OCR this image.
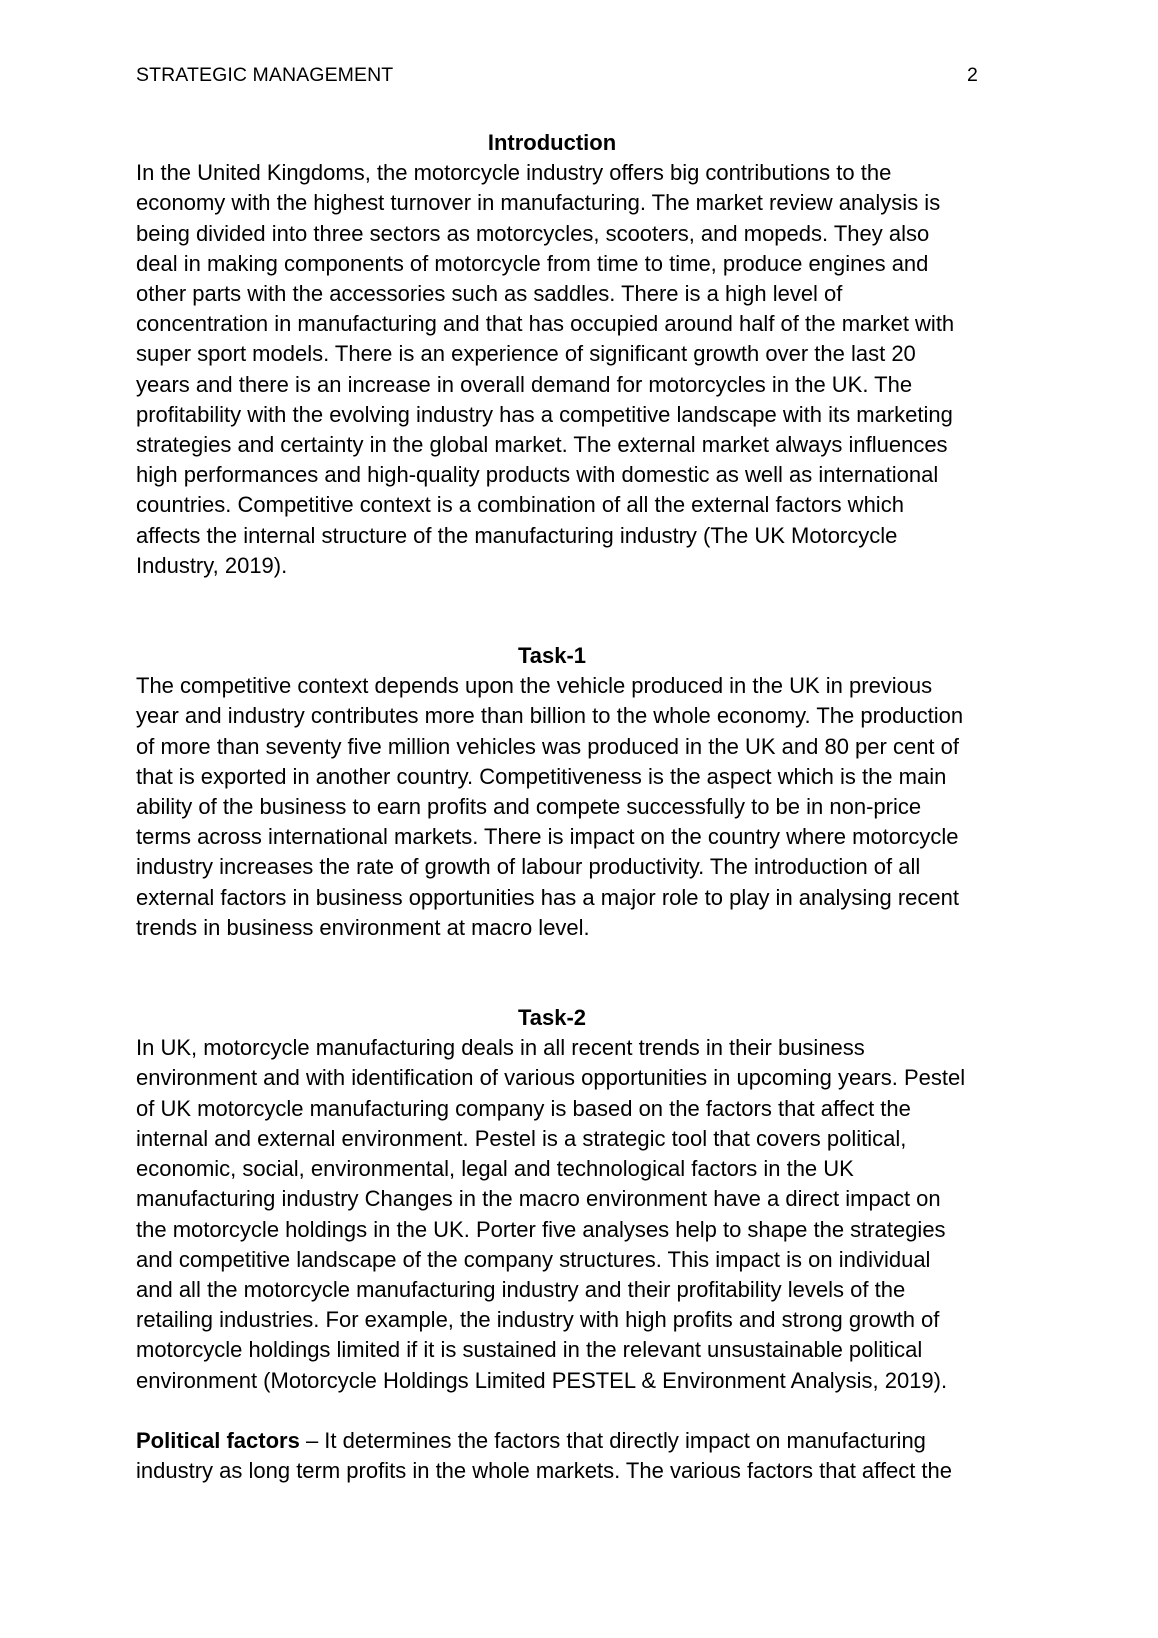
STRATEGIC MANAGEMENT	2
Introduction

In the United Kingdoms, the motorcycle industry offers big contributions to the economy with the highest turnover in manufacturing. The market review analysis is being divided into three sectors as motorcycles, scooters, and mopeds. They also deal in making components of motorcycle from time to time, produce engines and other parts with the accessories such as saddles. There is a high level of concentration in manufacturing and that has occupied around half of the market with super sport models. There is an experience of significant growth over the last 20 years and there is an increase in overall demand for motorcycles in the UK. The profitability with the evolving industry has a competitive landscape with its marketing strategies and certainty in the global market. The external market always influences high performances and high-quality products with domestic as well as international countries. Competitive context is a combination of all the external factors which affects the internal structure of the manufacturing industry (The UK Motorcycle Industry, 2019).

Task-1

The competitive context depends upon the vehicle produced in the UK in previous year and industry contributes more than billion to the whole economy. The production of more than seventy five million vehicles was produced in the UK and 80 per cent of that is exported in another country. Competitiveness is the aspect which is the main ability of the business to earn profits and compete successfully to be in non-price terms across international markets. There is impact on the country where motorcycle industry increases the rate of growth of labour productivity. The introduction of all external factors in business opportunities has a major role to play in analysing recent trends in business environment at macro level.

Task-2

In UK, motorcycle manufacturing deals in all recent trends in their business environment and with identification of various opportunities in upcoming years. Pestel of UK motorcycle manufacturing company is based on the factors that affect the internal and external environment. Pestel is a strategic tool that covers political, economic, social, environmental, legal and technological factors in the UK manufacturing industry Changes in the macro environment have a direct impact on the motorcycle holdings in the UK. Porter five analyses help to shape the strategies and competitive landscape of the company structures. This impact is on individual and all the motorcycle manufacturing industry and their profitability levels of the retailing industries. For example, the industry with high profits and strong growth of motorcycle holdings limited if it is sustained in the relevant unsustainable political environment (Motorcycle Holdings Limited PESTEL & Environment Analysis, 2019).

Political factors – It determines the factors that directly impact on manufacturing industry as long term profits in the whole markets. The various factors that affect the
